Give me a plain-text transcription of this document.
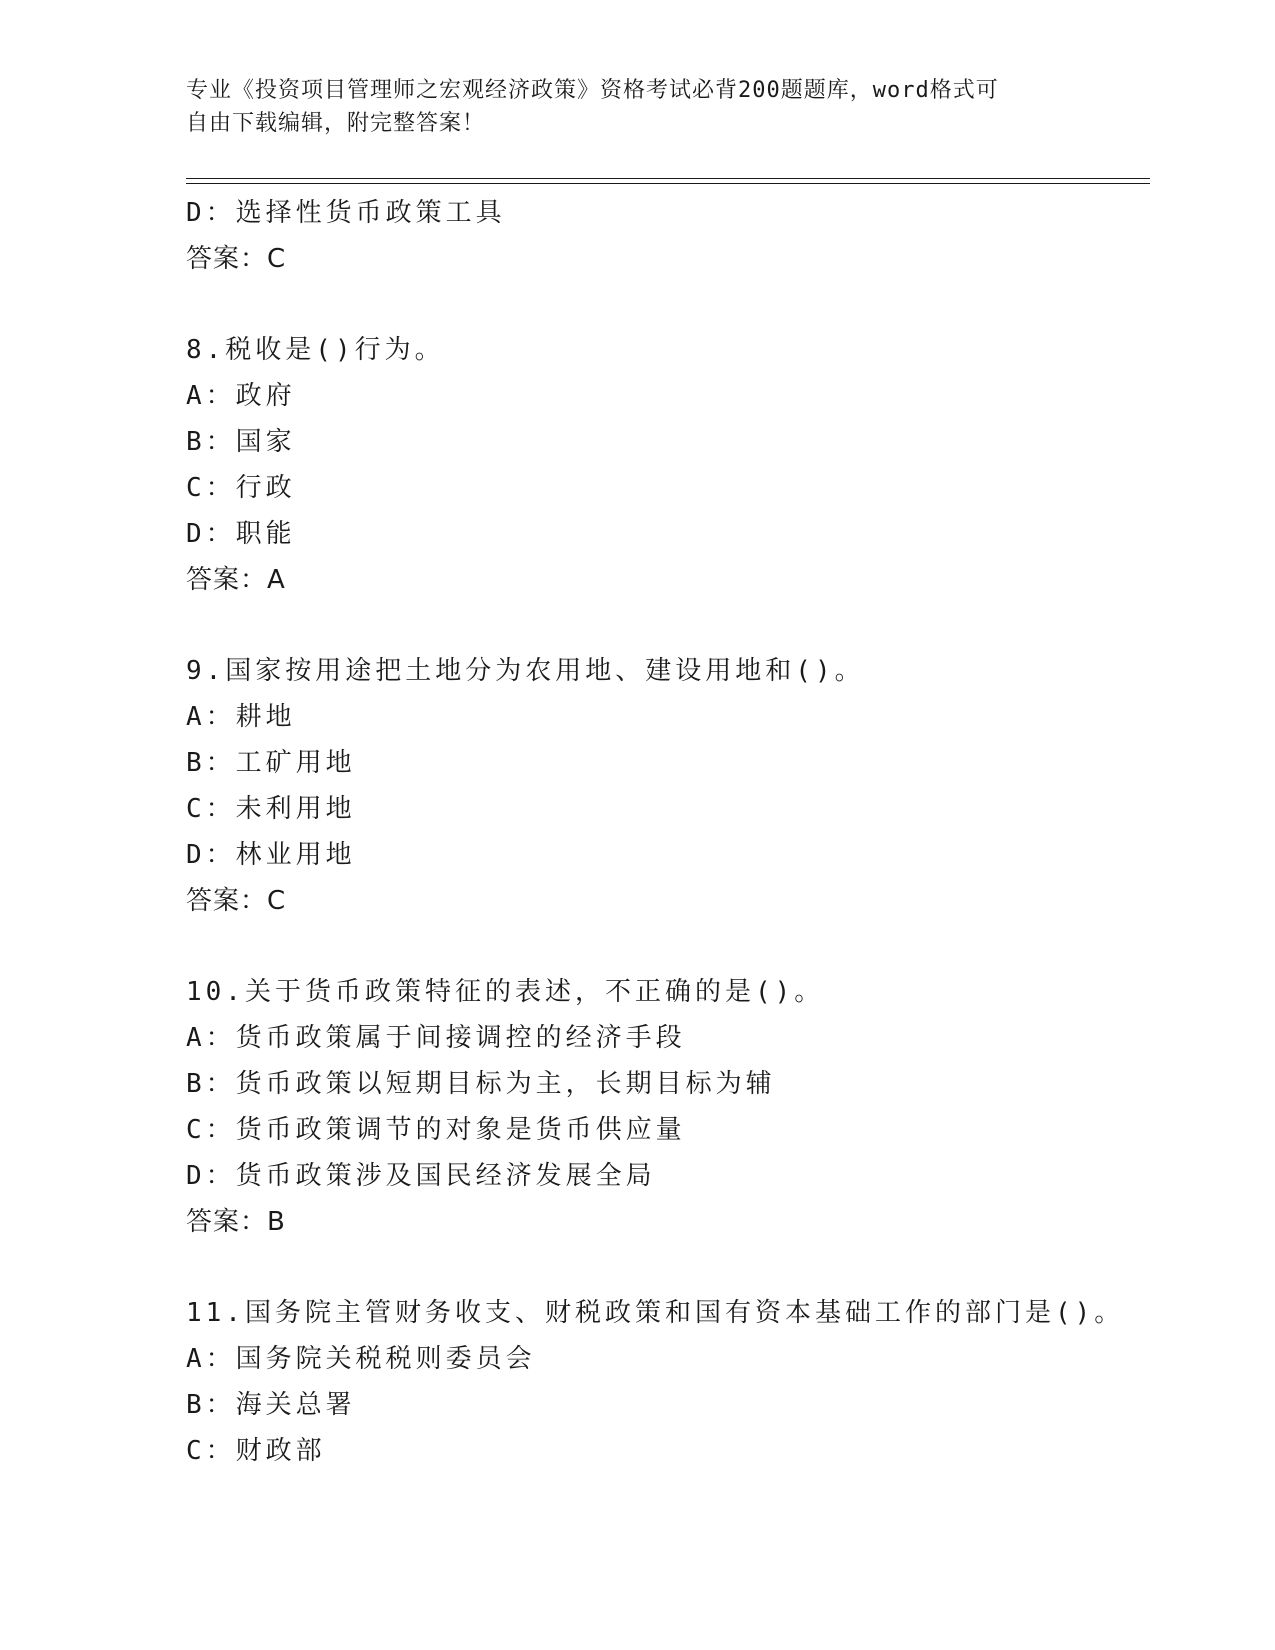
专业《投资项目管理师之宏观经济政策》资格考试必背200题题库，word格式可
自由下载编辑，附完整答案！
D：选择性货币政策工具
答案：C
8.税收是()行为。
A：政府
B：国家
C：行政
D：职能
答案：A
9.国家按用途把土地分为农用地、建设用地和()。
A：耕地
B：工矿用地
C：未利用地
D：林业用地
答案：C
10.关于货币政策特征的表述，不正确的是()。
A：货币政策属于间接调控的经济手段
B：货币政策以短期目标为主，长期目标为辅
C：货币政策调节的对象是货币供应量
D：货币政策涉及国民经济发展全局
答案：B
11.国务院主管财务收支、财税政策和国有资本基础工作的部门是()。
A：国务院关税税则委员会
B：海关总署
C：财政部
